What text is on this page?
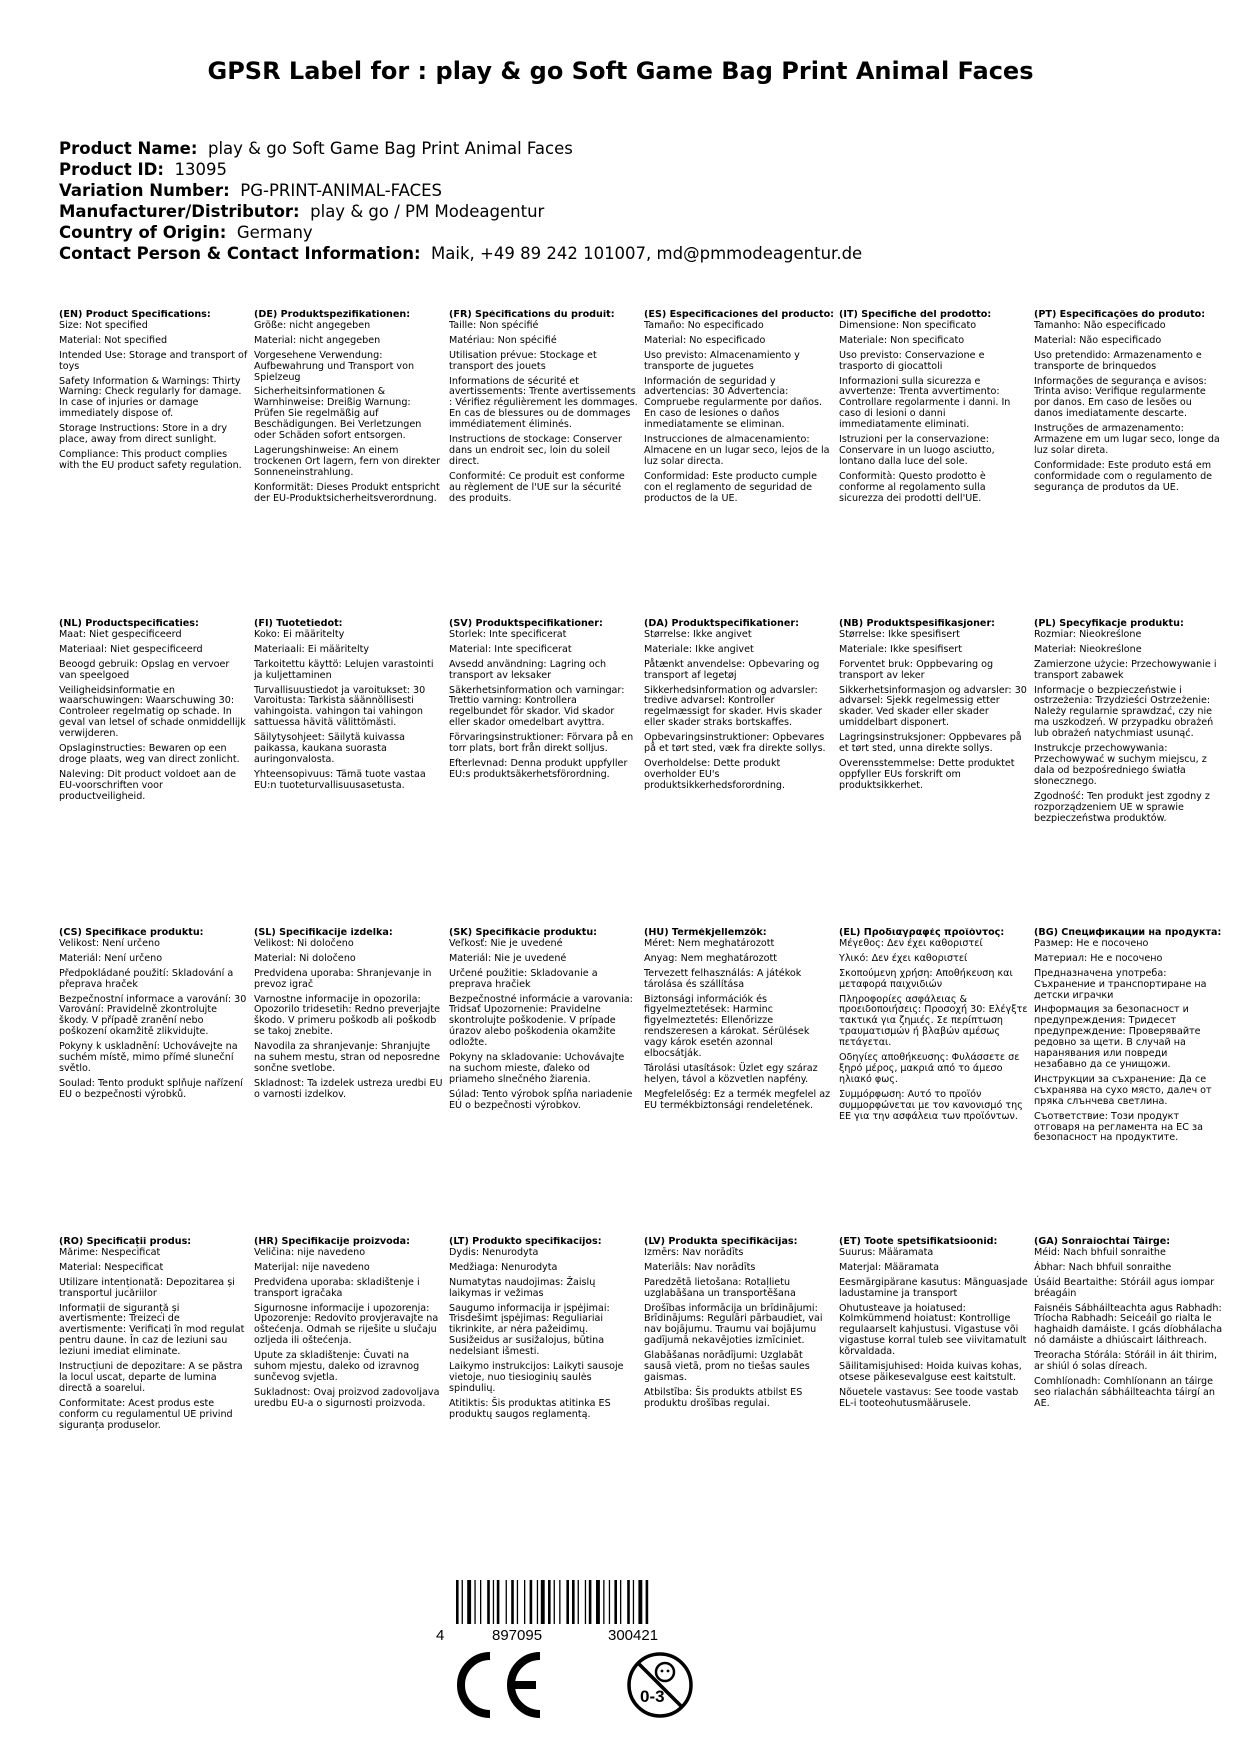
GPSR Label for : play & go Soft Game Bag Print Animal Faces
Product Name: play & go Soft Game Bag Print Animal Faces
Product ID: 13095
Variation Number: PG-PRINT-ANIMAL-FACES
Manufacturer/Distributor: play & go / PM Modeagentur
Country of Origin: Germany
Contact Person & Contact Information: Maik, +49 89 242 101007, md@pmmodeagentur.de
(EN) Product Specifications:
Size: Not specified
Material: Not specified
Intended Use: Storage and transport of toys
Safety Information & Warnings: Thirty Warning: Check regularly for damage. In case of injuries or damage immediately dispose of.
Storage Instructions: Store in a dry place, away from direct sunlight.
Compliance: This product complies with the EU product safety regulation.
(DE) Produktspezifikationen:
Größe: nicht angegeben
Material: nicht angegeben
Vorgesehene Verwendung: Aufbewahrung und Transport von Spielzeug
Sicherheitsinformationen & Warnhinweise: Dreißig Warnung: Prüfen Sie regelmäßig auf Beschädigungen. Bei Verletzungen oder Schäden sofort entsorgen.
Lagerungshinweise: An einem trockenen Ort lagern, fern von direkter Sonneneinstrahlung.
Konformität: Dieses Produkt entspricht der EU-Produktsicherheitsverordnung.
(FR) Spécifications du produit:
Taille: Non spécifié
Matériau: Non spécifié
Utilisation prévue: Stockage et transport des jouets
Informations de sécurité et avertissements: Trente avertissements : Vérifiez régulièrement les dommages. En cas de blessures ou de dommages immédiatement éliminés.
Instructions de stockage: Conserver dans un endroit sec, loin du soleil direct.
Conformité: Ce produit est conforme au règlement de l'UE sur la sécurité des produits.
(ES) Especificaciones del producto:
Tamaño: No especificado
Material: No especificado
Uso previsto: Almacenamiento y transporte de juguetes
Información de seguridad y advertencias: 30 Advertencia: Compruebe regularmente por daños. En caso de lesiones o daños inmediatamente se eliminan.
Instrucciones de almacenamiento: Almacene en un lugar seco, lejos de la luz solar directa.
Conformidad: Este producto cumple con el reglamento de seguridad de productos de la UE.
(IT) Specifiche del prodotto:
Dimensione: Non specificato
Materiale: Non specificato
Uso previsto: Conservazione e trasporto di giocattoli
Informazioni sulla sicurezza e avvertenze: Trenta avvertimento: Controllare regolarmente i danni. In caso di lesioni o danni immediatamente eliminati.
Istruzioni per la conservazione: Conservare in un luogo asciutto, lontano dalla luce del sole.
Conformità: Questo prodotto è conforme al regolamento sulla sicurezza dei prodotti dell'UE.
(PT) Especificações do produto:
Tamanho: Não especificado
Material: Não especificado
Uso pretendido: Armazenamento e transporte de brinquedos
Informações de segurança e avisos: Trinta aviso: Verifique regularmente por danos. Em caso de lesões ou danos imediatamente descarte.
Instruções de armazenamento: Armazene em um lugar seco, longe da luz solar direta.
Conformidade: Este produto está em conformidade com o regulamento de segurança de produtos da UE.
(NL) Productspecificaties:
Maat: Niet gespecificeerd
Materiaal: Niet gespecificeerd
Beoogd gebruik: Opslag en vervoer van speelgoed
Veiligheidsinformatie en waarschuwingen: Waarschuwing 30: Controleer regelmatig op schade. In geval van letsel of schade onmiddellijk verwijderen.
Opslaginstructies: Bewaren op een droge plaats, weg van direct zonlicht.
Naleving: Dit product voldoet aan de EU-voorschriften voor productveiligheid.
(FI) Tuotetiedot:
Koko: Ei määritelty
Materiaali: Ei määritelty
Tarkoitettu käyttö: Lelujen varastointi ja kuljettaminen
Turvallisuustiedot ja varoitukset: 30 Varoitusta: Tarkista säännöllisesti vahingoista. vahingon tai vahingon sattuessa hävitä välittömästi.
Säilytysohjeet: Säilytä kuivassa paikassa, kaukana suorasta auringonvalosta.
Yhteensopivuus: Tämä tuote vastaa EU:n tuoteturvallisuusasetusta.
(SV) Produktspecifikationer:
Storlek: Inte specificerat
Material: Inte specificerat
Avsedd användning: Lagring och transport av leksaker
Säkerhetsinformation och varningar: Trettio varning: Kontrollera regelbundet för skador. Vid skador eller skador omedelbart avyttra.
Förvaringsinstruktioner: Förvara på en torr plats, bort från direkt solljus.
Efterlevnad: Denna produkt uppfyller EU:s produktsäkerhetsförordning.
(DA) Produktspecifikationer:
Størrelse: Ikke angivet
Materiale: Ikke angivet
Påtænkt anvendelse: Opbevaring og transport af legetøj
Sikkerhedsinformation og advarsler: tredive advarsel: Kontroller regelmæssigt for skader. Hvis skader eller skader straks bortskaffes.
Opbevaringsinstruktioner: Opbevares på et tørt sted, væk fra direkte sollys.
Overholdelse: Dette produkt overholder EU's produktsikkerhedsforordning.
(NB) Produktspesifikasjoner:
Størrelse: Ikke spesifisert
Materiale: Ikke spesifisert
Forventet bruk: Oppbevaring og transport av leker
Sikkerhetsinformasjon og advarsler: 30 advarsel: Sjekk regelmessig etter skader. Ved skader eller skader umiddelbart disponert.
Lagringsinstruksjoner: Oppbevares på et tørt sted, unna direkte sollys.
Overensstemmelse: Dette produktet oppfyller EUs forskrift om produktsikkerhet.
(PL) Specyfikacje produktu:
Rozmiar: Nieokreślone
Materiał: Nieokreślone
Zamierzone użycie: Przechowywanie i transport zabawek
Informacje o bezpieczeństwie i ostrzeżenia: Trzydzieści Ostrzeżenie: Należy regularnie sprawdzać, czy nie ma uszkodzeń. W przypadku obrażeń lub obrażeń natychmiast usunąć.
Instrukcje przechowywania: Przechowywać w suchym miejscu, z dala od bezpośredniego światła słonecznego.
Zgodność: Ten produkt jest zgodny z rozporządzeniem UE w sprawie bezpieczeństwa produktów.
(CS) Specifikace produktu:
Velikost: Není určeno
Materiál: Není určeno
Předpokládané použití: Skladování a přeprava hraček
Bezpečnostní informace a varování: 30 Varování: Pravidelně zkontrolujte škody. V případě zranění nebo poškození okamžitě zlikvidujte.
Pokyny k uskladnění: Uchovávejte na suchém místě, mimo přímé sluneční světlo.
Soulad: Tento produkt splňuje nařízení EU o bezpečnosti výrobků.
(SL) Specifikacije izdelka:
Velikost: Ni določeno
Material: Ni določeno
Predvidena uporaba: Shranjevanje in prevoz igrač
Varnostne informacije in opozorila: Opozorilo tridesetih: Redno preverjajte škodo. V primeru poškodb ali poškodb se takoj znebite.
Navodila za shranjevanje: Shranjujte na suhem mestu, stran od neposredne sončne svetlobe.
Skladnost: Ta izdelek ustreza uredbi EU o varnosti izdelkov.
(SK) Špecifikácie produktu:
Veľkosť: Nie je uvedené
Materiál: Nie je uvedené
Určené použitie: Skladovanie a preprava hračiek
Bezpečnostné informácie a varovania: Tridsať Upozornenie: Pravidelne skontrolujte poškodenie. V prípade úrazov alebo poškodenia okamžite odložte.
Pokyny na skladovanie: Uchovávajte na suchom mieste, ďaleko od priameho slnečného žiarenia.
Súlad: Tento výrobok spĺňa nariadenie EÚ o bezpečnosti výrobkov.
(HU) Termékjellemzők:
Méret: Nem meghatározott
Anyag: Nem meghatározott
Tervezett felhasználás: A játékok tárolása és szállítása
Biztonsági információk és figyelmeztetések: Harminc figyelmeztetés: Ellenőrizze rendszeresen a károkat. Sérülések vagy károk esetén azonnal elbocsátják.
Tárolási utasítások: Üzlet egy száraz helyen, távol a közvetlen napfény.
Megfelelőség: Ez a termék megfelel az EU termékbiztonsági rendeletének.
(EL) Προδιαγραφές προϊόντος:
Μέγεθος: Δεν έχει καθοριστεί
Υλικό: Δεν έχει καθοριστεί
Σκοπούμενη χρήση: Αποθήκευση και μεταφορά παιχνιδιών
Πληροφορίες ασφάλειας & προειδοποιήσεις: Προσοχή 30: Ελέγξτε τακτικά για ζημιές. Σε περίπτωση τραυματισμών ή βλαβών αμέσως πετάγεται.
Οδηγίες αποθήκευσης: Φυλάσσετε σε ξηρό μέρος, μακριά από το άμεσο ηλιακό φως.
Συμμόρφωση: Αυτό το προϊόν συμμορφώνεται με τον κανονισμό της ΕΕ για την ασφάλεια των προϊόντων.
(BG) Спецификации на продукта:
Размер: Не е посочено
Материал: Не е посочено
Предназначена употреба: Съхранение и транспортиране на детски играчки
Информация за безопасност и предупреждения: Тридесет предупреждение: Проверявайте редовно за щети. В случай на наранявания или повреди незабавно да се унищожи.
Инструкции за съхранение: Да се съхранява на сухо място, далеч от пряка слънчева светлина.
Съответствие: Този продукт отговаря на регламента на ЕС за безопасност на продуктите.
(RO) Specificații produs:
Mărime: Nespecificat
Material: Nespecificat
Utilizare intenționată: Depozitarea și transportul jucăriilor
Informații de siguranță și avertismente: Treizeci de avertismente: Verificați în mod regulat pentru daune. În caz de leziuni sau leziuni imediat eliminate.
Instrucțiuni de depozitare: A se păstra la locul uscat, departe de lumina directă a soarelui.
Conformitate: Acest produs este conform cu regulamentul UE privind siguranța produselor.
(HR) Specifikacije proizvoda:
Veličina: nije navedeno
Materijal: nije navedeno
Predviđena uporaba: skladištenje i transport igračaka
Sigurnosne informacije i upozorenja: Upozorenje: Redovito provjeravajte na oštećenja. Odmah se riješite u slučaju ozljeda ili oštećenja.
Upute za skladištenje: Čuvati na suhom mjestu, daleko od izravnog sunčevog svjetla.
Sukladnost: Ovaj proizvod zadovoljava uredbu EU-a o sigurnosti proizvoda.
(LT) Produkto specifikacijos:
Dydis: Nenurodyta
Medžiaga: Nenurodyta
Numatytas naudojimas: Žaislų laikymas ir vežimas
Saugumo informacija ir įspėjimai: Trisdešimt įspėjimas: Reguliariai tikrinkite, ar nėra pažeidimų. Susižeidus ar susižalojus, būtina nedelsiant išmesti.
Laikymo instrukcijos: Laikyti sausoje vietoje, nuo tiesioginių saulės spindulių.
Atitiktis: Šis produktas atitinka ES produktų saugos reglamentą.
(LV) Produkta specifikācijas:
Izmērs: Nav norādīts
Materiāls: Nav norādīts
Paredzētā lietošana: Rotaļlietu uzglabāšana un transportēšana
Drošības informācija un brīdinājumi: Brīdinājums: Regulāri pārbaudiet, vai nav bojājumu. Traumu vai bojājumu gadījumā nekavējoties izmīciniet.
Glabāšanas norādījumi: Uzglabāt sausā vietā, prom no tiešas saules gaismas.
Atbilstība: Šis produkts atbilst ES produktu drošības regulai.
(ET) Toote spetsifikatsioonid:
Suurus: Määramata
Materjal: Määramata
Eesmärgipärane kasutus: Mänguasjade ladustamine ja transport
Ohutusteave ja hoiatused: Kolmkümmend hoiatust: Kontrollige regulaarselt kahjustusi. Vigastuse või vigastuse korral tuleb see viivitamatult kõrvaldada.
Säilitamisjuhised: Hoida kuivas kohas, otsese päikesevalguse eest kaitstult.
Nõuetele vastavus: See toode vastab EL-i tooteohutusmäärusele.
(GA) Sonraíochtaí Táirge:
Méid: Nach bhfuil sonraithe
Ábhar: Nach bhfuil sonraithe
Úsáid Beartaithe: Stóráil agus iompar bréagáin
Faisnéis Sábháilteachta agus Rabhadh: Tríocha Rabhadh: Seiceáil go rialta le haghaidh damáiste. I gcás díobhálacha nó damáiste a dhiúscairt láithreach.
Treoracha Stórála: Stóráil in áit thirim, ar shiúl ó solas díreach.
Comhlíonadh: Comhlíonann an táirge seo rialachán sábháilteachta táirgí an AE.
4	897095	300421
0-3
